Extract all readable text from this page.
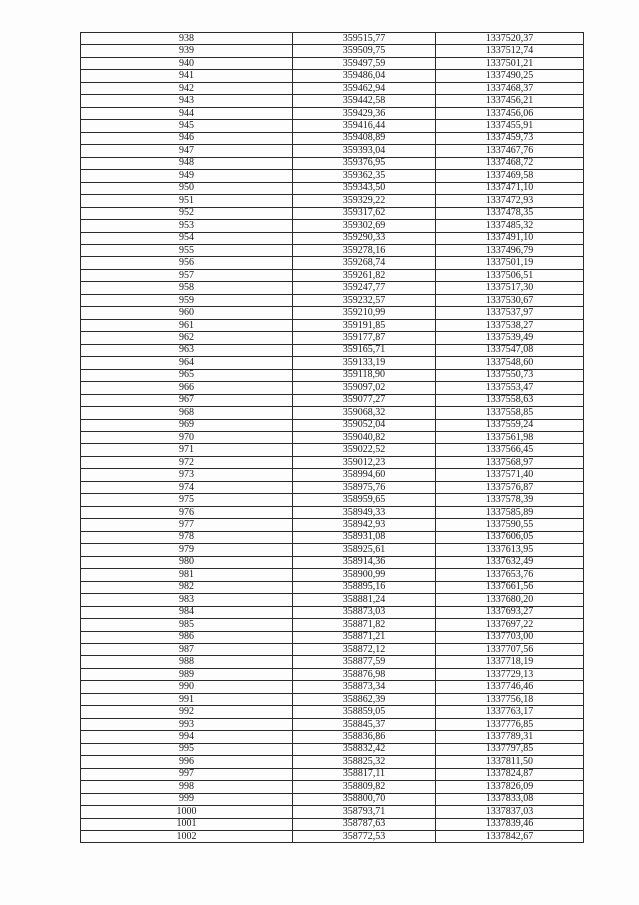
938	359515,77	1337520,37
939	359509,75	1337512,74
940	359497,59	1337501,21
941	359486,04	1337490,25
942	359462,94	1337468,37
943	359442,58	1337456,21
944	359429,36	1337456,06
945	359416,44	1337455,91
946	359408,89	1337459,73
947	359393,04	1337467,76
948	359376,95	1337468,72
949	359362,35	1337469,58
950	359343,50	1337471,10
951	359329,22	1337472,93
952	359317,62	1337478,35
953	359302,69	1337485,32
954	359290,33	1337491,10
955	359278,16	1337496,79
956	359268,74	1337501,19
957	359261,82	1337506,51
958	359247,77	1337517,30
959	359232,57	1337530,67
960	359210,99	1337537,97
961	359191,85	1337538,27
962	359177,87	1337539,49
963	359165,71	1337547,08
964	359133,19	1337548,60
965	359118,90	1337550,73
966	359097,02	1337553,47
967	359077,27	1337558,63
968	359068,32	1337558,85
969	359052,04	1337559,24
970	359040,82	1337561,98
971	359022,52	1337566,45
972	359012,23	1337568,97
973	358994,60	1337571,40
974	358975,76	1337576,87
975	358959,65	1337578,39
976	358949,33	1337585,89
977	358942,93	1337590,55
978	358931,08	1337606,05
979	358925,61	1337613,95
980	358914,36	1337632,49
981	358900,99	1337653,76
982	358895,16	1337661,56
983	358881,24	1337680,20
984	358873,03	1337693,27
985	358871,82	1337697,22
986	358871,21	1337703,00
987	358872,12	1337707,56
988	358877,59	1337718,19
989	358876,98	1337729,13
990	358873,34	1337746,46
991	358862,39	1337756,18
992	358859,05	1337763,17
993	358845,37	1337776,85
994	358836,86	1337789,31
995	358832,42	1337797,85
996	358825,32	1337811,50
997	358817,11	1337824,87
998	358809,82	1337826,09
999	358800,70	1337833,08
1000	358793,71	1337837,03
1001	358787,63	1337839,46
1002	358772,53	1337842,67
